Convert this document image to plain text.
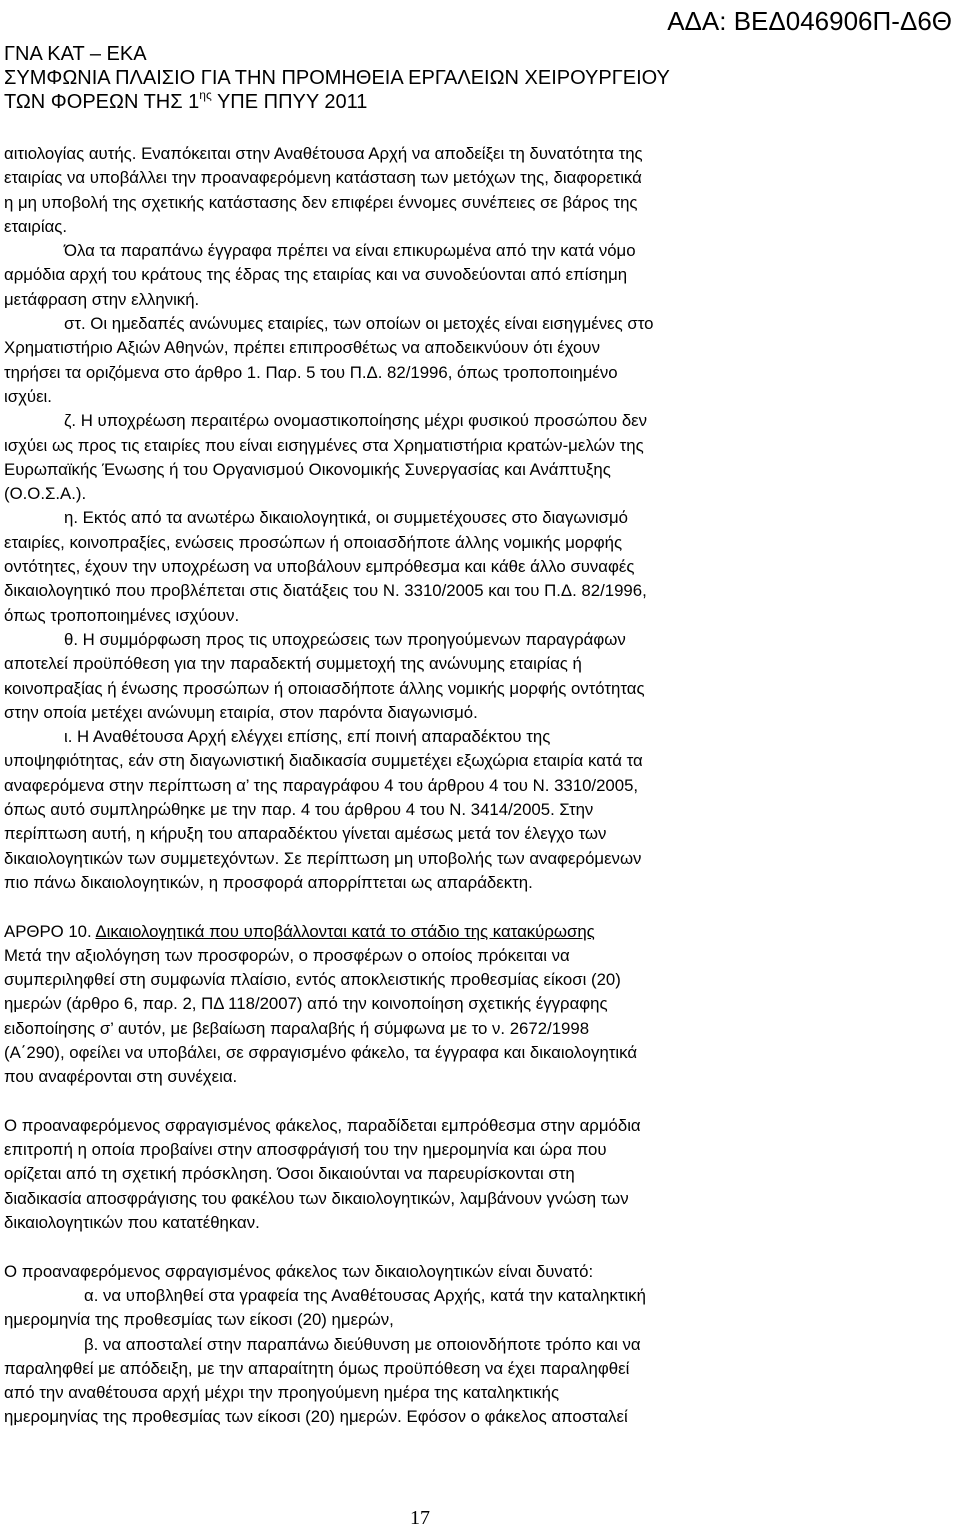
ΑΔΑ: ΒΕΔ046906Π-Δ6Θ
ΓΝΑ ΚΑΤ – ΕΚΑ
ΣΥΜΦΩΝΙΑ ΠΛΑΙΣΙΟ ΓΙΑ ΤΗΝ ΠΡΟΜΗΘΕΙΑ ΕΡΓΑΛΕΙΩΝ ΧΕΙΡΟΥΡΓΕΙΟΥ
ΤΩΝ ΦΟΡΕΩΝ ΤΗΣ $1^{\eta\varsigma}$ ΥΠΕ ΠΠΥΥ 2011

αιτιολογίας αυτής. Εναπόκειται στην Αναθέτουσα Αρχή να αποδείξει τη δυνατότητα της

εταιρίας να υποβάλλει την προαναφερόμενη κατάσταση των μετόχων της, διαφορετικά

η μη υποβολή της σχετικής κατάστασης δεν επιφέρει έννομες συνέπειες σε βάρος της

εταιρίας.

Όλα τα παραπάνω έγγραφα πρέπει να είναι επικυρωμένα από την κατά νόμο

αρμόδια αρχή του κράτους της έδρας της εταιρίας και να συνοδεύονται από επίσημη

μετάφραση στην ελληνική.

στ. Οι ημεδαπές ανώνυμες εταιρίες, των οποίων οι μετοχές είναι εισηγμένες στο

Χρηματιστήριο Αξιών Αθηνών, πρέπει επιπροσθέτως να αποδεικνύουν ότι έχουν

τηρήσει τα οριζόμενα στο άρθρο 1. Παρ. 5 του Π.Δ. 82/1996, όπως τροποποιημένο

ισχύει.

ζ. Η υποχρέωση περαιτέρω ονομαστικοποίησης μέχρι φυσικού προσώπου δεν

ισχύει ως προς τις εταιρίες που είναι εισηγμένες στα Χρηματιστήρια κρατών-μελών της

Ευρωπαϊκής Ένωσης ή του Οργανισμού Οικονομικής Συνεργασίας και Ανάπτυξης

(Ο.Ο.Σ.Α.).

η. Εκτός από τα ανωτέρω δικαιολογητικά, οι συμμετέχουσες στο διαγωνισμό

εταιρίες, κοινοπραξίες, ενώσεις προσώπων ή οποιασδήποτε άλλης νομικής μορφής

οντότητες, έχουν την υποχρέωση να υποβάλουν εμπρόθεσμα και κάθε άλλο συναφές

δικαιολογητικό που προβλέπεται στις διατάξεις του Ν. 3310/2005 και του Π.Δ. 82/1996,

όπως τροποποιημένες ισχύουν.

θ. Η συμμόρφωση προς τις υποχρεώσεις των προηγούμενων παραγράφων

αποτελεί προϋπόθεση για την παραδεκτή συμμετοχή της ανώνυμης εταιρίας ή

κοινοπραξίας ή ένωσης προσώπων ή οποιασδήποτε άλλης νομικής μορφής οντότητας

στην οποία μετέχει ανώνυμη εταιρία, στον παρόντα διαγωνισμό.

ι. Η Αναθέτουσα Αρχή ελέγχει επίσης, επί ποινή απαραδέκτου της

υποψηφιότητας, εάν στη διαγωνιστική διαδικασία συμμετέχει εξωχώρια εταιρία κατά τα

αναφερόμενα στην περίπτωση α’ της παραγράφου 4 του άρθρου 4 του Ν. 3310/2005,

όπως αυτό συμπληρώθηκε με την παρ. 4 του άρθρου 4 του Ν. 3414/2005. Στην

περίπτωση αυτή, η κήρυξη του απαραδέκτου γίνεται αμέσως μετά τον έλεγχο των

δικαιολογητικών των συμμετεχόντων. Σε περίπτωση μη υποβολής των αναφερόμενων

πιο πάνω δικαιολογητικών, η προσφορά απορρίπτεται ως απαράδεκτη.

ΑΡΘΡΟ 10. Δικαιολογητικά που υποβάλλονται κατά το στάδιο της κατακύρωσης

Μετά την αξιολόγηση των προσφορών, ο προσφέρων ο οποίος πρόκειται να

συμπεριληφθεί στη συμφωνία πλαίσιο, εντός αποκλειστικής προθεσμίας είκοσι (20)

ημερών (άρθρο 6, παρ. 2, ΠΔ 118/2007) από την κοινοποίηση σχετικής έγγραφης

ειδοποίησης σ’ αυτόν, με βεβαίωση παραλαβής ή σύμφωνα με το ν. 2672/1998

(Α΄290), οφείλει να υποβάλει, σε σφραγισμένο φάκελο, τα έγγραφα και δικαιολογητικά

που αναφέρονται στη συνέχεια.

Ο προαναφερόμενος σφραγισμένος φάκελος, παραδίδεται εμπρόθεσμα στην αρμόδια

επιτροπή η οποία προβαίνει στην αποσφράγισή του την ημερομηνία και ώρα που

ορίζεται από τη σχετική πρόσκληση. Όσοι δικαιούνται να παρευρίσκονται στη

διαδικασία αποσφράγισης του φακέλου των δικαιολογητικών, λαμβάνουν γνώση των

δικαιολογητικών που κατατέθηκαν.

Ο προαναφερόμενος σφραγισμένος φάκελος των δικαιολογητικών είναι δυνατό:

α. να υποβληθεί στα γραφεία της Αναθέτουσας Αρχής, κατά την καταληκτική

ημερομηνία της προθεσμίας των είκοσι (20) ημερών,

β. να αποσταλεί στην παραπάνω διεύθυνση με οποιονδήποτε τρόπο και να

παραληφθεί με απόδειξη, με την απαραίτητη όμως προϋπόθεση να έχει παραληφθεί

από την αναθέτουσα αρχή μέχρι την προηγούμενη ημέρα της καταληκτικής

ημερομηνίας της προθεσμίας των είκοσι (20) ημερών. Εφόσον ο φάκελος αποσταλεί

17
